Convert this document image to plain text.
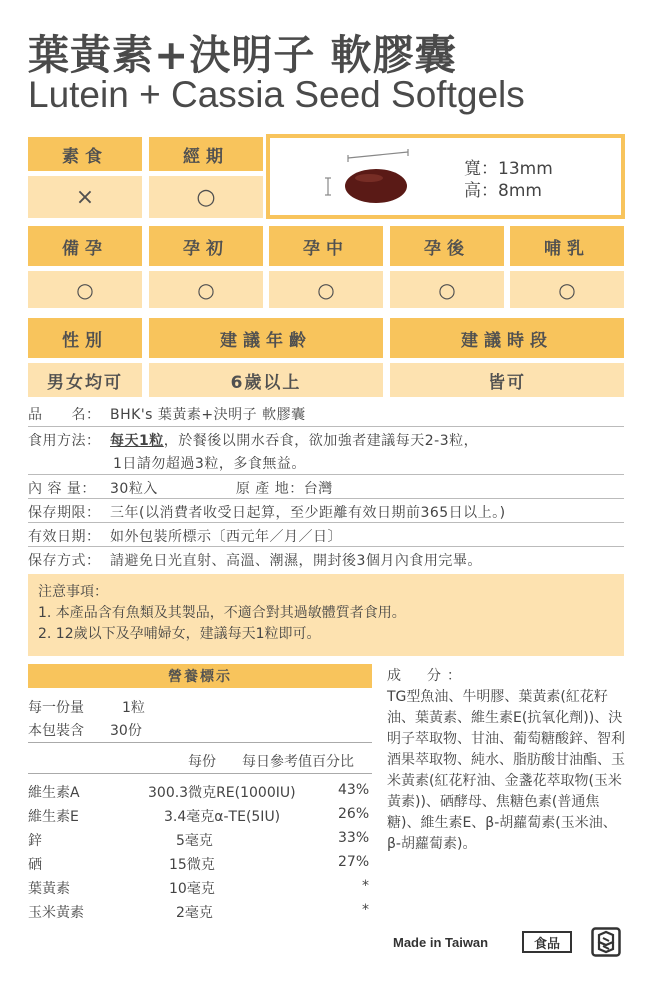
葉黃素+決明子 軟膠囊
Lutein + Cassia Seed Softgels
素食	經期
×	○
寬：13mm
高：8mm
備孕	孕初	孕中	孕後	哺乳
○	○	○	○	○
性別	建議年齡	建議時段
男女均可	6歲以上	皆可
品　　名： BHK's 葉黃素+決明子 軟膠囊
食用方法： 每天1粒，於餐後以開水吞食，欲加強者建議每天2-3粒，
1日請勿超過3粒，多食無益。
內 容 量： 30粒入	原 產 地：台灣
保存期限： 三年(以消費者收受日起算，至少距離有效日期前365日以上。)
有效日期： 如外包裝所標示〔西元年／月／日〕
保存方式： 請避免日光直射、高溫、潮濕，開封後3個月內食用完畢。
注意事項：
1. 本產品含有魚類及其製品，不適合對其過敏體質者食用。
2. 12歲以下及孕哺婦女，建議每天1粒即可。
營養標示
每一份量	1粒
本包裝含 30份
每份 每日參考值百分比
維生素A	300.3微克RE(1000IU)	43%
維生素E	3.4毫克α-TE(5IU)	26%
鋅	5毫克	33%
硒	15微克	27%
葉黃素	10毫克	*
玉米黃素	2毫克	*
成　分：
TG型魚油、牛明膠、葉黃素(紅花籽油、葉黃素、維生素E(抗氧化劑))、決明子萃取物、甘油、葡萄糖酸鋅、智利酒果萃取物、純水、脂肪酸甘油酯、玉米黃素(紅花籽油、金盞花萃取物(玉米黃素))、硒酵母、焦糖色素(普通焦糖)、維生素E、β-胡蘿蔔素(玉米油、β-胡蘿蔔素)。
Made in Taiwan	食品
